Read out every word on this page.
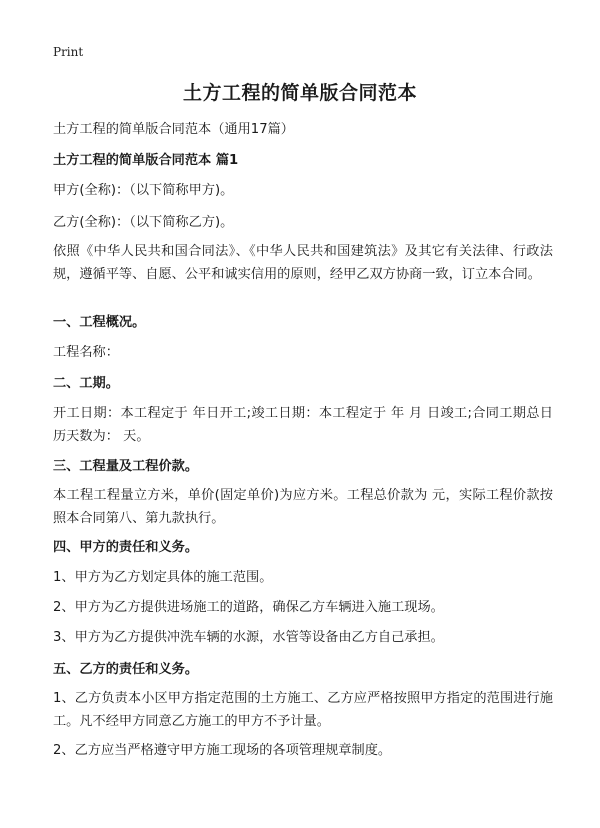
Print
土方工程的简单版合同范本

土方工程的简单版合同范本（通用17篇）

土方工程的简单版合同范本 篇1

甲方(全称)：（以下简称甲方)。

乙方(全称)：（以下简称乙方)。

依照《中华人民共和国合同法》、《中华人民共和国建筑法》及其它有关法律、行政法规，遵循平等、自愿、公平和诚实信用的原则，经甲乙双方协商一致，订立本合同。

一、工程概况。

工程名称：

二、工期。

开工日期：本工程定于 年日开工;竣工日期：本工程定于 年 月 日竣工;合同工期总日历天数为： 天。

三、工程量及工程价款。

本工程工程量立方米，单价(固定单价)为应方米。工程总价款为 元，实际工程价款按照本合同第八、第九款执行。

四、甲方的责任和义务。

1、甲方为乙方划定具体的施工范围。

2、甲方为乙方提供进场施工的道路，确保乙方车辆进入施工现场。

3、甲方为乙方提供冲洗车辆的水源，水管等设备由乙方自己承担。

五、乙方的责任和义务。

1、乙方负责本小区甲方指定范围的土方施工、乙方应严格按照甲方指定的范围进行施工。凡不经甲方同意乙方施工的甲方不予计量。

2、乙方应当严格遵守甲方施工现场的各项管理规章制度。
